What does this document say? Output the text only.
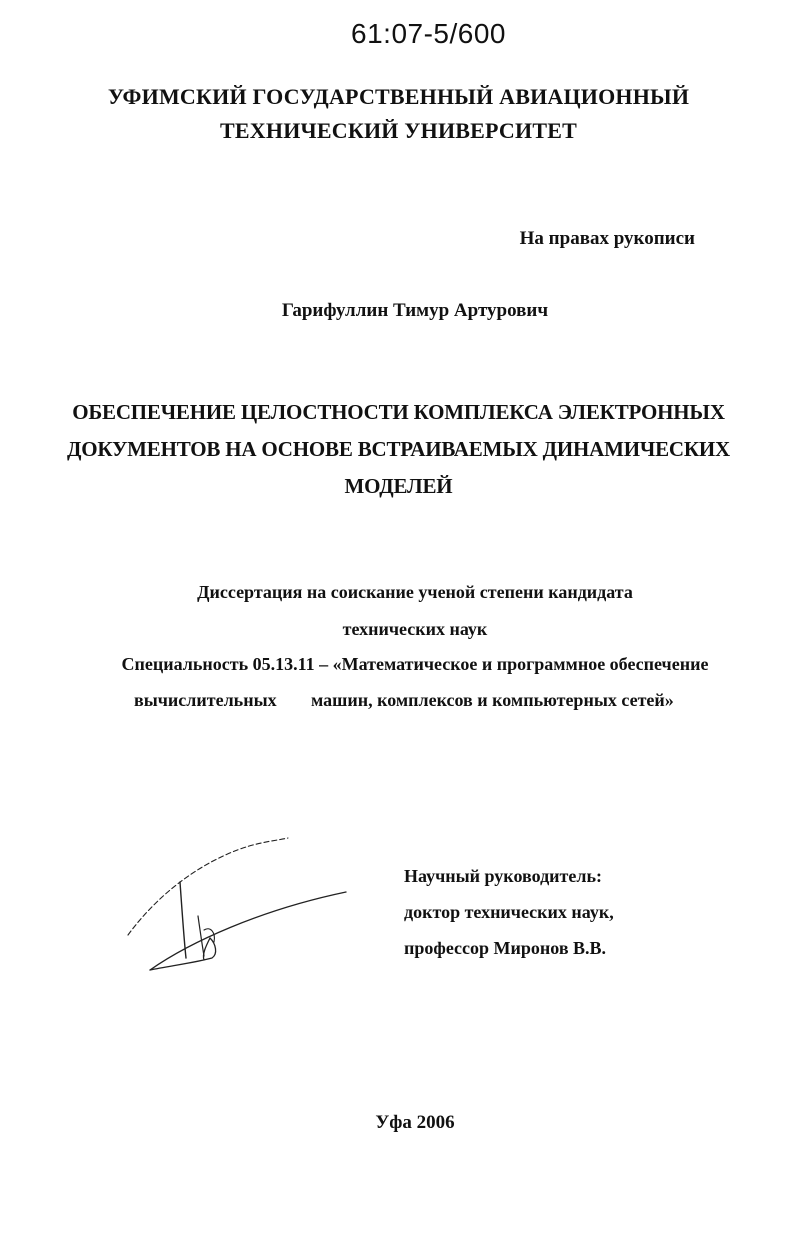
61:07-5/600
УФИМСКИЙ ГОСУДАРСТВЕННЫЙ АВИАЦИОННЫЙ
ТЕХНИЧЕСКИЙ УНИВЕРСИТЕТ
На правах рукописи
Гарифуллин Тимур Артурович
ОБЕСПЕЧЕНИЕ ЦЕЛОСТНОСТИ КОМПЛЕКСА ЭЛЕКТРОННЫХ
ДОКУМЕНТОВ НА ОСНОВЕ ВСТРАИВАЕМЫХ ДИНАМИЧЕСКИХ
МОДЕЛЕЙ
Диссертация на соискание ученой степени кандидата
технических наук
Специальность 05.13.11 – «Математическое и программное обеспечение
вычислительных машин, комплексов и компьютерных сетей»
Научный руководитель:
доктор технических наук,
профессор Миронов В.В.
Уфа 2006
